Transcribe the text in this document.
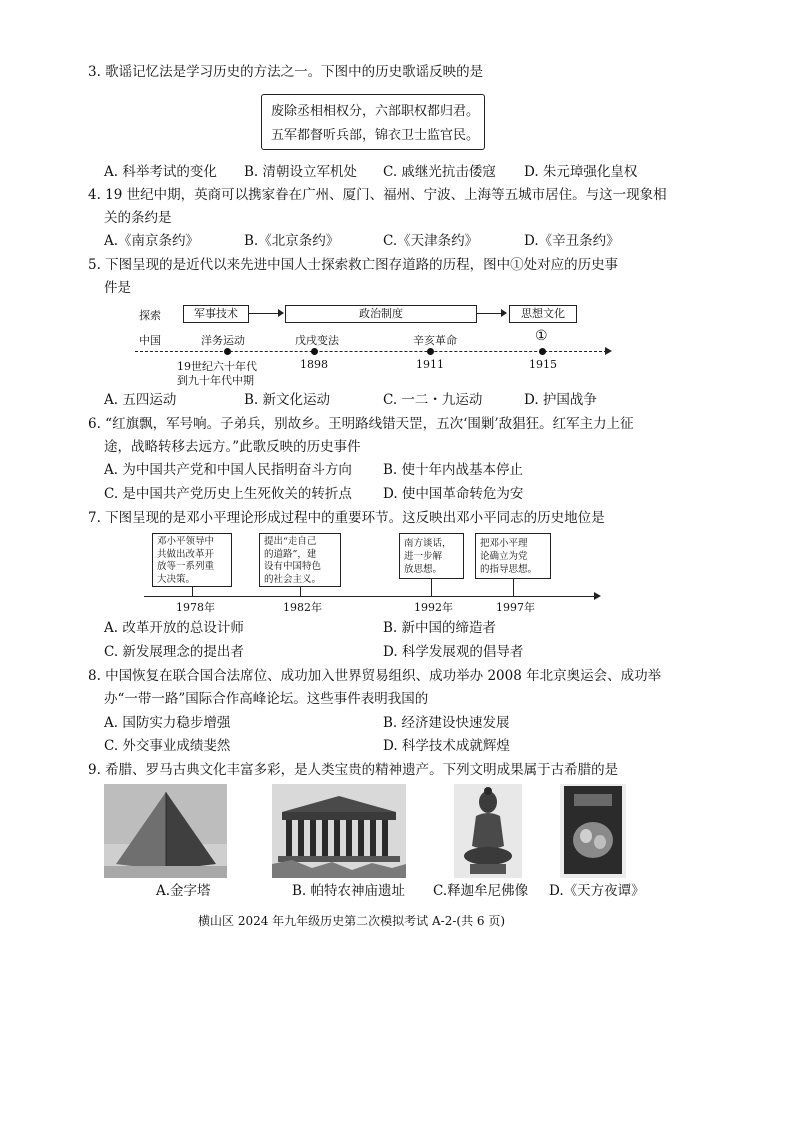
3. 歌谣记忆法是学习历史的方法之一。下图中的历史歌谣反映的是
废除丞相相权分，六部职权都归君。
五军都督听兵部，锦衣卫士监官民。
A. 科举考试的变化 B. 清朝设立军机处 C. 戚继光抗击倭寇 D. 朱元璋强化皇权
4. 19 世纪中期，英商可以携家眷在广州、厦门、福州、宁波、上海等五城市居住。与这一现象相
关的条约是
A.《南京条约》	B.《北京条约》	C.《天津条约》	D.《辛丑条约》
5. 下图呈现的是近代以来先进中国人士探索救亡图存道路的历程，图中①处对应的历史事
件是
探索
中国
军事技术	政治制度	思想文化
洋务运动	戊戌变法	辛亥革命	①
19世纪六十年代
到九十年代中期
1898	1911	1915
A. 五四运动	B. 新文化运动	C. 一二・九运动	D. 护国战争
6. “红旗飘，军号响。子弟兵，别故乡。王明路线错天罡，五次‘围剿’敌猖狂。红军主力上征
途，战略转移去远方。”此歌反映的历史事件
A. 为中国共产党和中国人民指明奋斗方向 B. 使十年内战基本停止
C. 是中国共产党历史上生死攸关的转折点 D. 使中国革命转危为安
7. 下图呈现的是邓小平理论形成过程中的重要环节。这反映出邓小平同志的历史地位是
邓小平领导中
共做出改革开
放等一系列重
大决策。
提出“走自己
的道路”，建
设有中国特色
的社会主义。
南方谈话，
进一步解
放思想。
把邓小平理
论确立为党
的指导思想。
1978年	1982年	1992年	1997年
A. 改革开放的总设计师	B. 新中国的缔造者
C. 新发展理念的提出者	D. 科学发展观的倡导者
8. 中国恢复在联合国合法席位、成功加入世界贸易组织、成功举办 2008 年北京奥运会、成功举
办“一带一路”国际合作高峰论坛。这些事件表明我国的
A. 国防实力稳步增强	B. 经济建设快速发展
C. 外交事业成绩斐然	D. 科学技术成就辉煌
9. 希腊、罗马古典文化丰富多彩，是人类宝贵的精神遗产。下列文明成果属于古希腊的是
A.金字塔	B. 帕特农神庙遗址 C.释迦牟尼佛像 D.《天方夜谭》
横山区 2024 年九年级历史第二次模拟考试 A-2-(共 6 页)
